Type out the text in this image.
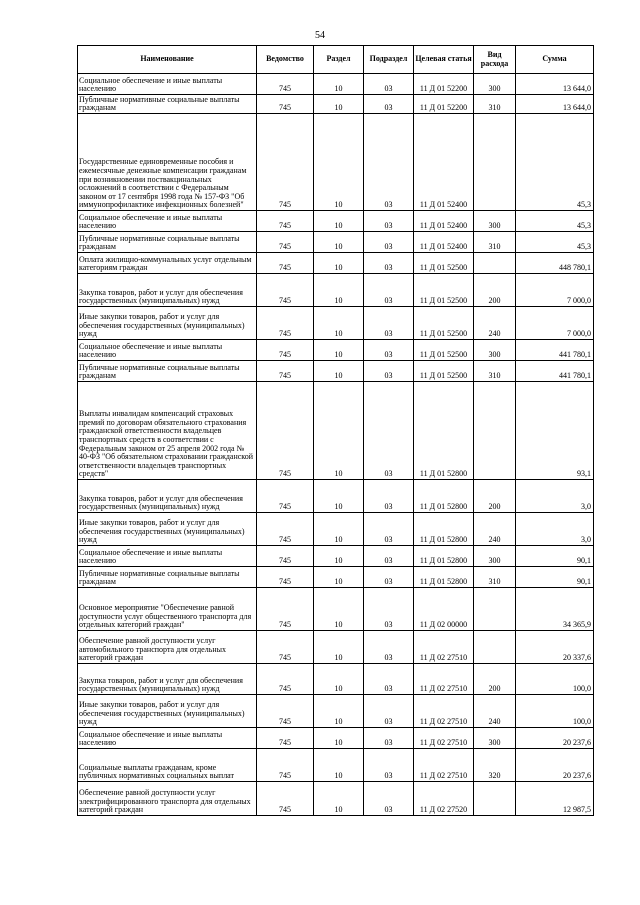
54
Наименование	Ведомство	Раздел	Подраздел	Целевая статья	Вид расхода	Сумма
Социальное обеспечение и иные выплаты населению	745	10	03	11 Д 01 52200	300	13 644,0
Публичные нормативные социальные выплаты гражданам	745	10	03	11 Д 01 52200	310	13 644,0
Государственные единовременные пособия и ежемесячные денежные компенсации гражданам при возникновении поствакцинальных осложнений в соответствии с Федеральным законом от 17 сентября 1998 года № 157-ФЗ "Об иммунопрофилактике инфекционных болезней"	745	10	03	11 Д 01 52400		45,3
Социальное обеспечение и иные выплаты населению	745	10	03	11 Д 01 52400	300	45,3
Публичные нормативные социальные выплаты гражданам	745	10	03	11 Д 01 52400	310	45,3
Оплата жилищно-коммунальных услуг отдельным категориям граждан	745	10	03	11 Д 01 52500		448 780,1
Закупка товаров, работ и услуг для обеспечения государственных (муниципальных) нужд	745	10	03	11 Д 01 52500	200	7 000,0
Иные закупки товаров, работ и услуг для обеспечения государственных (муниципальных) нужд	745	10	03	11 Д 01 52500	240	7 000,0
Социальное обеспечение и иные выплаты населению	745	10	03	11 Д 01 52500	300	441 780,1
Публичные нормативные социальные выплаты гражданам	745	10	03	11 Д 01 52500	310	441 780,1
Выплаты инвалидам компенсаций страховых премий по договорам обязательного страхования гражданской ответственности владельцев транспортных средств в соответствии с Федеральным законом от 25 апреля 2002 года № 40-ФЗ "Об обязательном страховании гражданской ответственности владельцев транспортных средств"	745	10	03	11 Д 01 52800		93,1
Закупка товаров, работ и услуг для обеспечения государственных (муниципальных) нужд	745	10	03	11 Д 01 52800	200	3,0
Иные закупки товаров, работ и услуг для обеспечения государственных (муниципальных) нужд	745	10	03	11 Д 01 52800	240	3,0
Социальное обеспечение и иные выплаты населению	745	10	03	11 Д 01 52800	300	90,1
Публичные нормативные социальные выплаты гражданам	745	10	03	11 Д 01 52800	310	90,1
Основное мероприятие "Обеспечение равной доступности услуг общественного транспорта для отдельных категорий граждан"	745	10	03	11 Д 02 00000		34 365,9
Обеспечение равной доступности услуг автомобильного транспорта для отдельных категорий граждан	745	10	03	11 Д 02 27510		20 337,6
Закупка товаров, работ и услуг для обеспечения государственных (муниципальных) нужд	745	10	03	11 Д 02 27510	200	100,0
Иные закупки товаров, работ и услуг для обеспечения государственных (муниципальных) нужд	745	10	03	11 Д 02 27510	240	100,0
Социальное обеспечение и иные выплаты населению	745	10	03	11 Д 02 27510	300	20 237,6
Социальные выплаты гражданам, кроме публичных нормативных социальных выплат	745	10	03	11 Д 02 27510	320	20 237,6
Обеспечение равной доступности услуг электрифицированного транспорта для отдельных категорий граждан	745	10	03	11 Д 02 27520		12 987,5
